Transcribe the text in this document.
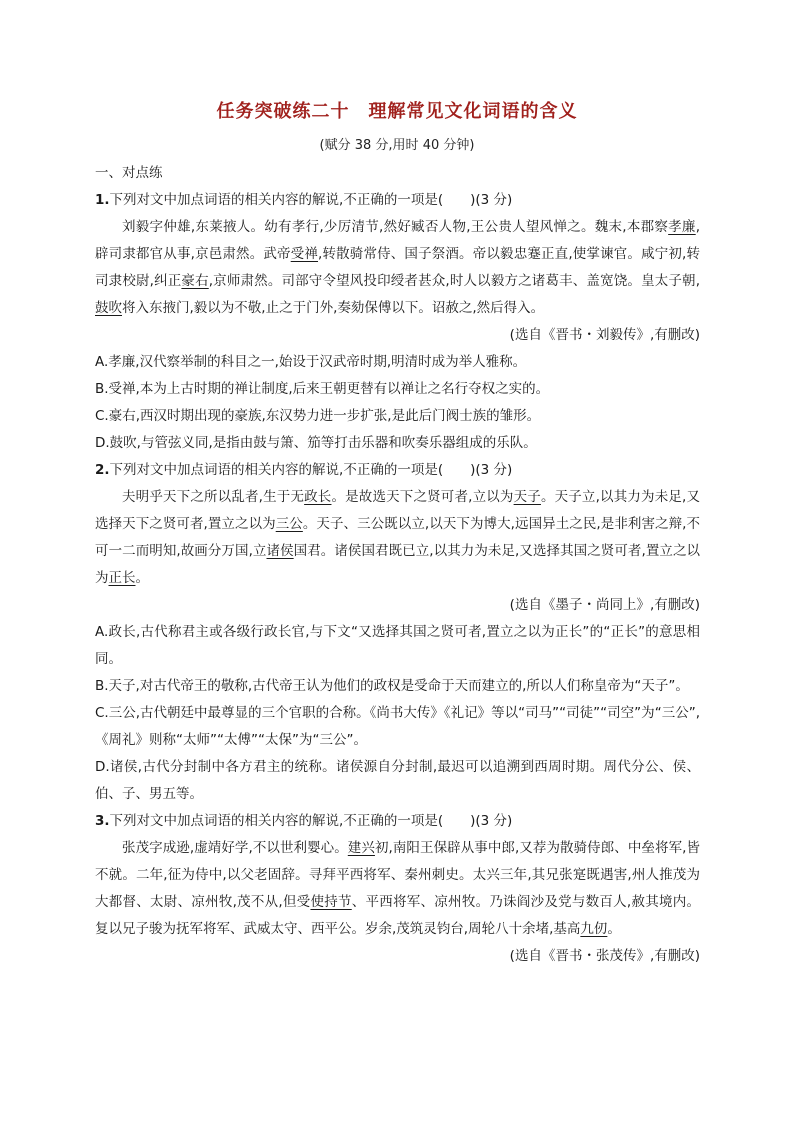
任务突破练二十　理解常见文化词语的含义
(赋分 38 分,用时 40 分钟)

一、对点练

1.下列对文中加点词语的相关内容的解说,不正确的一项是(　　)(3 分)

刘毅字仲雄,东莱掖人。幼有孝行,少厉清节,然好臧否人物,王公贵人望风惮之。魏末,本郡察孝廉,辟司隶都官从事,京邑肃然。武帝受禅,转散骑常侍、国子祭酒。帝以毅忠蹇正直,使掌谏官。咸宁初,转司隶校尉,纠正豪右,京师肃然。司部守令望风投印绶者甚众,时人以毅方之诸葛丰、盖宽饶。皇太子朝,鼓吹将入东掖门,毅以为不敬,止之于门外,奏劾保傅以下。诏赦之,然后得入。

(选自《晋书・刘毅传》,有删改)

A.孝廉,汉代察举制的科目之一,始设于汉武帝时期,明清时成为举人雅称。

B.受禅,本为上古时期的禅让制度,后来王朝更替有以禅让之名行夺权之实的。

C.豪右,西汉时期出现的豪族,东汉势力进一步扩张,是此后门阀士族的雏形。

D.鼓吹,与管弦义同,是指由鼓与箫、笳等打击乐器和吹奏乐器组成的乐队。

2.下列对文中加点词语的相关内容的解说,不正确的一项是(　　)(3 分)

夫明乎天下之所以乱者,生于无政长。是故选天下之贤可者,立以为天子。天子立,以其力为未足,又选择天下之贤可者,置立之以为三公。天子、三公既以立,以天下为博大,远国异土之民,是非利害之辩,不可一二而明知,故画分万国,立诸侯国君。诸侯国君既已立,以其力为未足,又选择其国之贤可者,置立之以为正长。

(选自《墨子・尚同上》,有删改)

A.政长,古代称君主或各级行政长官,与下文“又选择其国之贤可者,置立之以为正长”的“正长”的意思相同。

B.天子,对古代帝王的敬称,古代帝王认为他们的政权是受命于天而建立的,所以人们称皇帝为“天子”。

C.三公,古代朝廷中最尊显的三个官职的合称。《尚书大传》《礼记》等以“司马”“司徒”“司空”为“三公”,《周礼》则称“太师”“太傅”“太保”为“三公”。

D.诸侯,古代分封制中各方君主的统称。诸侯源自分封制,最迟可以追溯到西周时期。周代分公、侯、伯、子、男五等。

3.下列对文中加点词语的相关内容的解说,不正确的一项是(　　)(3 分)

张茂字成逊,虚靖好学,不以世利婴心。建兴初,南阳王保辟从事中郎,又荐为散骑侍郎、中垒将军,皆不就。二年,征为侍中,以父老固辞。寻拜平西将军、秦州刺史。太兴三年,其兄张寔既遇害,州人推茂为大都督、太尉、凉州牧,茂不从,但受使持节、平西将军、凉州牧。乃诛阎沙及党与数百人,赦其境内。复以兄子骏为抚军将军、武威太守、西平公。岁余,茂筑灵钧台,周轮八十余堵,基高九仞。

(选自《晋书・张茂传》,有删改)
